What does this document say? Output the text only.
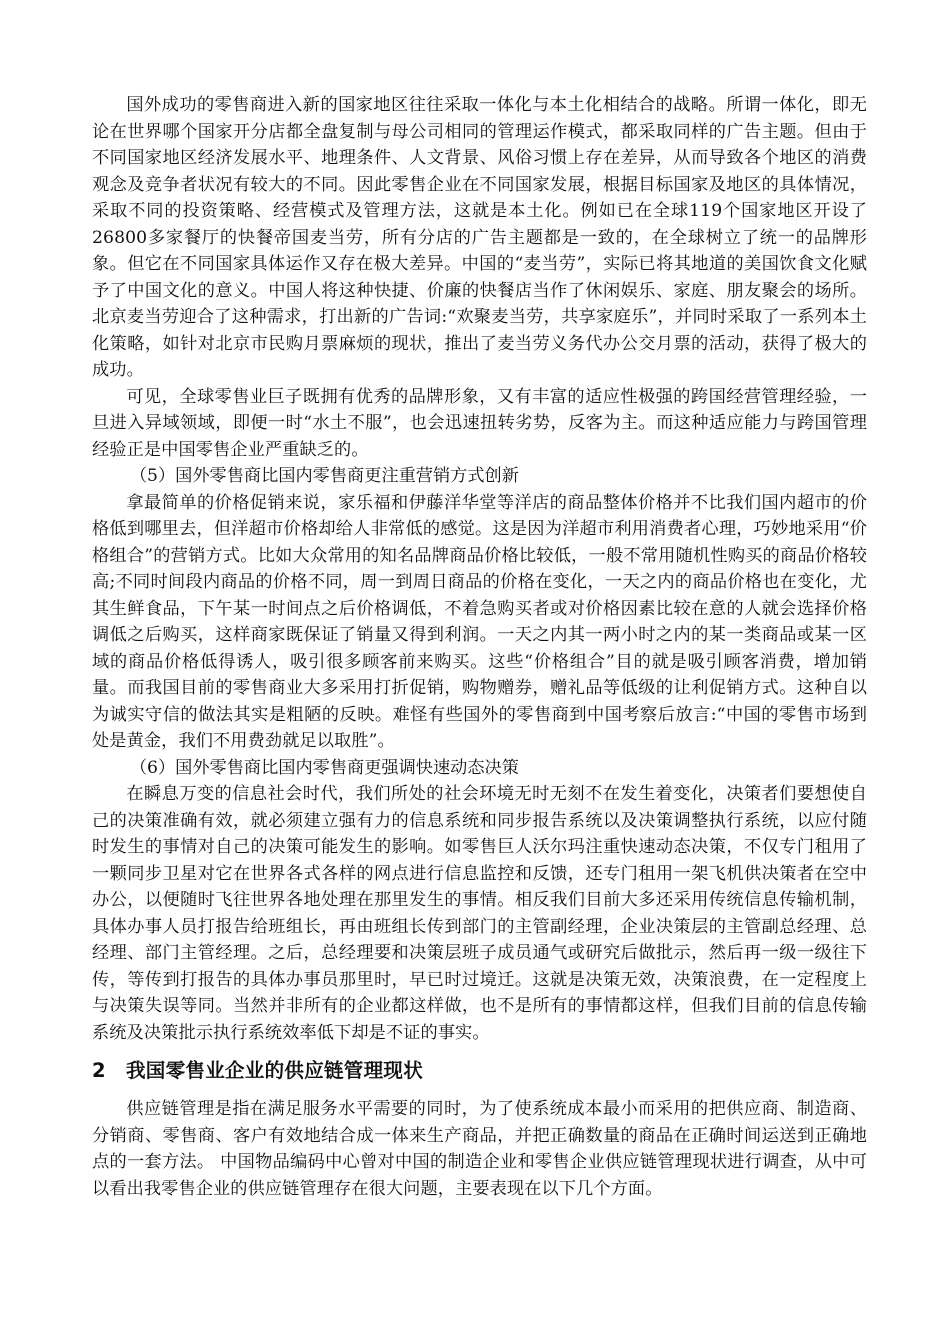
国外成功的零售商进入新的国家地区往往采取一体化与本土化相结合的战略。所谓一体化，即无论在世界哪个国家开分店都全盘复制与母公司相同的管理运作模式，都采取同样的广告主题。但由于不同国家地区经济发展水平、地理条件、人文背景、风俗习惯上存在差异，从而导致各个地区的消费观念及竞争者状况有较大的不同。因此零售企业在不同国家发展，根据目标国家及地区的具体情况，采取不同的投资策略、经营模式及管理方法，这就是本土化。例如已在全球119个国家地区开设了26800多家餐厅的快餐帝国麦当劳，所有分店的广告主题都是一致的，在全球树立了统一的品牌形象。但它在不同国家具体运作又存在极大差异。中国的“麦当劳”，实际已将其地道的美国饮食文化赋予了中国文化的意义。中国人将这种快捷、价廉的快餐店当作了休闲娱乐、家庭、朋友聚会的场所。北京麦当劳迎合了这种需求，打出新的广告词:“欢聚麦当劳，共享家庭乐”，并同时采取了一系列本土化策略，如针对北京市民购月票麻烦的现状，推出了麦当劳义务代办公交月票的活动，获得了极大的成功。

可见，全球零售业巨子既拥有优秀的品牌形象，又有丰富的适应性极强的跨国经营管理经验，一旦进入异域领域，即便一时“水土不服”，也会迅速扭转劣势，反客为主。而这种适应能力与跨国管理经验正是中国零售企业严重缺乏的。

（5）国外零售商比国内零售商更注重营销方式创新

拿最简单的价格促销来说，家乐福和伊藤洋华堂等洋店的商品整体价格并不比我们国内超市的价格低到哪里去，但洋超市价格却给人非常低的感觉。这是因为洋超市利用消费者心理，巧妙地采用“价格组合”的营销方式。比如大众常用的知名品牌商品价格比较低，一般不常用随机性购买的商品价格较高;不同时间段内商品的价格不同，周一到周日商品的价格在变化，一天之内的商品价格也在变化，尤其生鲜食品，下午某一时间点之后价格调低，不着急购买者或对价格因素比较在意的人就会选择价格调低之后购买，这样商家既保证了销量又得到利润。一天之内其一两小时之内的某一类商品或某一区域的商品价格低得诱人，吸引很多顾客前来购买。这些“价格组合”目的就是吸引顾客消费，增加销量。而我国目前的零售商业大多采用打折促销，购物赠券，赠礼品等低级的让利促销方式。这种自以为诚实守信的做法其实是粗陋的反映。难怪有些国外的零售商到中国考察后放言:“中国的零售市场到处是黄金，我们不用费劲就足以取胜”。

（6）国外零售商比国内零售商更强调快速动态决策

在瞬息万变的信息社会时代，我们所处的社会环境无时无刻不在发生着变化，决策者们要想使自己的决策准确有效，就必须建立强有力的信息系统和同步报告系统以及决策调整执行系统，以应付随时发生的事情对自己的决策可能发生的影响。如零售巨人沃尔玛注重快速动态决策，不仅专门租用了一颗同步卫星对它在世界各式各样的网点进行信息监控和反馈，还专门租用一架飞机供决策者在空中办公，以便随时飞往世界各地处理在那里发生的事情。相反我们目前大多还采用传统信息传输机制，具体办事人员打报告给班组长，再由班组长传到部门的主管副经理，企业决策层的主管副总经理、总经理、部门主管经理。之后，总经理要和决策层班子成员通气或研究后做批示，然后再一级一级往下传，等传到打报告的具体办事员那里时，早已时过境迁。这就是决策无效，决策浪费，在一定程度上与决策失误等同。当然并非所有的企业都这样做，也不是所有的事情都这样，但我们目前的信息传输系统及决策批示执行系统效率低下却是不证的事实。

2 我国零售业企业的供应链管理现状

供应链管理是指在满足服务水平需要的同时，为了使系统成本最小而采用的把供应商、制造商、分销商、零售商、客户有效地结合成一体来生产商品，并把正确数量的商品在正确时间运送到正确地点的一套方法。 中国物品编码中心曾对中国的制造企业和零售企业供应链管理现状进行调查，从中可以看出我零售企业的供应链管理存在很大问题，主要表现在以下几个方面。
